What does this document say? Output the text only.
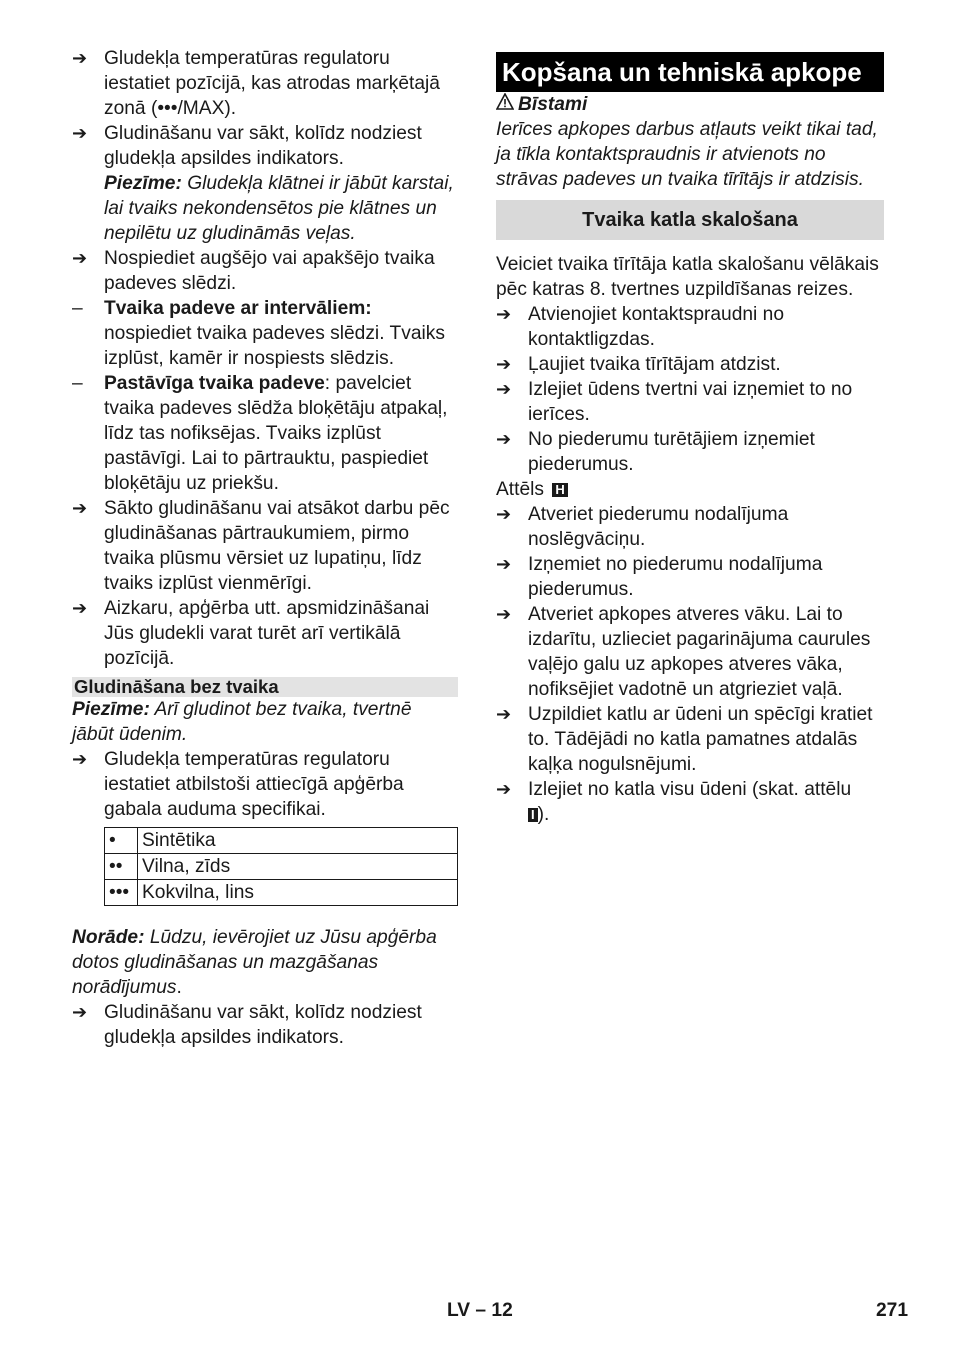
➔ Gludekļa temperatūras regulatoru iestatiet pozīcijā, kas atrodas marķētajā zonā (•••/MAX).
➔ Gludināšanu var sākt, kolīdz nodziest gludekļa apsildes indikators.
Piezīme: Gludekļa klātnei ir jābūt karstai, lai tvaiks nekondensētos pie klātnes un nepilētu uz gludināmās veļas.
➔ Nospiediet augšējo vai apakšējo tvaika padeves slēdzi.
–	Tvaika padeve ar intervāliem: nospiediet tvaika padeves slēdzi. Tvaiks izplūst, kamēr ir nospiests slēdzis.
–	Pastāvīga tvaika padeve: pavelciet tvaika padeves slēdža bloķētāju atpakaļ, līdz tas nofiksējas. Tvaiks izplūst pastāvīgi. Lai to pārtrauktu, paspiediet bloķētāju uz priekšu.
➔ Sākto gludināšanu vai atsākot darbu pēc gludināšanas pārtraukumiem, pirmo tvaika plūsmu vērsiet uz lupatiņu, līdz tvaiks izplūst vienmērīgi.
➔ Aizkaru, apģērba utt. apsmidzināšanai Jūs gludekli varat turēt arī vertikālā pozīcijā.
Gludināšana bez tvaika
Piezīme: Arī gludinot bez tvaika, tvertnē jābūt ūdenim.
➔ Gludekļa temperatūras regulatoru iestatiet atbilstoši attiecīgā apģērba gabala auduma specifikai.
•	Sintētika
••	Vilna, zīds
•••	Kokvilna, lins
Norāde: Lūdzu, ievērojiet uz Jūsu apģērba dotos gludināšanas un mazgāšanas norādījumus.
➔ Gludināšanu var sākt, kolīdz nodziest gludekļa apsildes indikators.
Kopšana un tehniskā apkope
Bīstami
Ierīces apkopes darbus atļauts veikt tikai tad, ja tīkla kontaktspraudnis ir atvienots no strāvas padeves un tvaika tīrītājs ir atdzisis.
Tvaika katla skalošana
Veiciet tvaika tīrītāja katla skalošanu vēlākais pēc katras 8. tvertnes uzpildīšanas reizes.
➔ Atvienojiet kontaktspraudni no kontaktligzdas.
➔ Ļaujiet tvaika tīrītājam atdzist.
➔ Izlejiet ūdens tvertni vai izņemiet to no ierīces.
➔ No piederumu turētājiem izņemiet piederumus.
Attēls H
➔ Atveriet piederumu nodalījuma noslēgvāciņu.
➔ Izņemiet no piederumu nodalījuma piederumus.
➔ Atveriet apkopes atveres vāku. Lai to izdarītu, uzlieciet pagarinājuma caurules vaļējo galu uz apkopes atveres vāka, nofiksējiet vadotnē un atgrieziet vaļā.
➔ Uzpildiet katlu ar ūdeni un spēcīgi kratiet to. Tādējādi no katla pamatnes atdalās kaļķa nogulsnējumi.
➔ Izlejiet no katla visu ūdeni (skat. attēlu
I ).
LV – 12	271
